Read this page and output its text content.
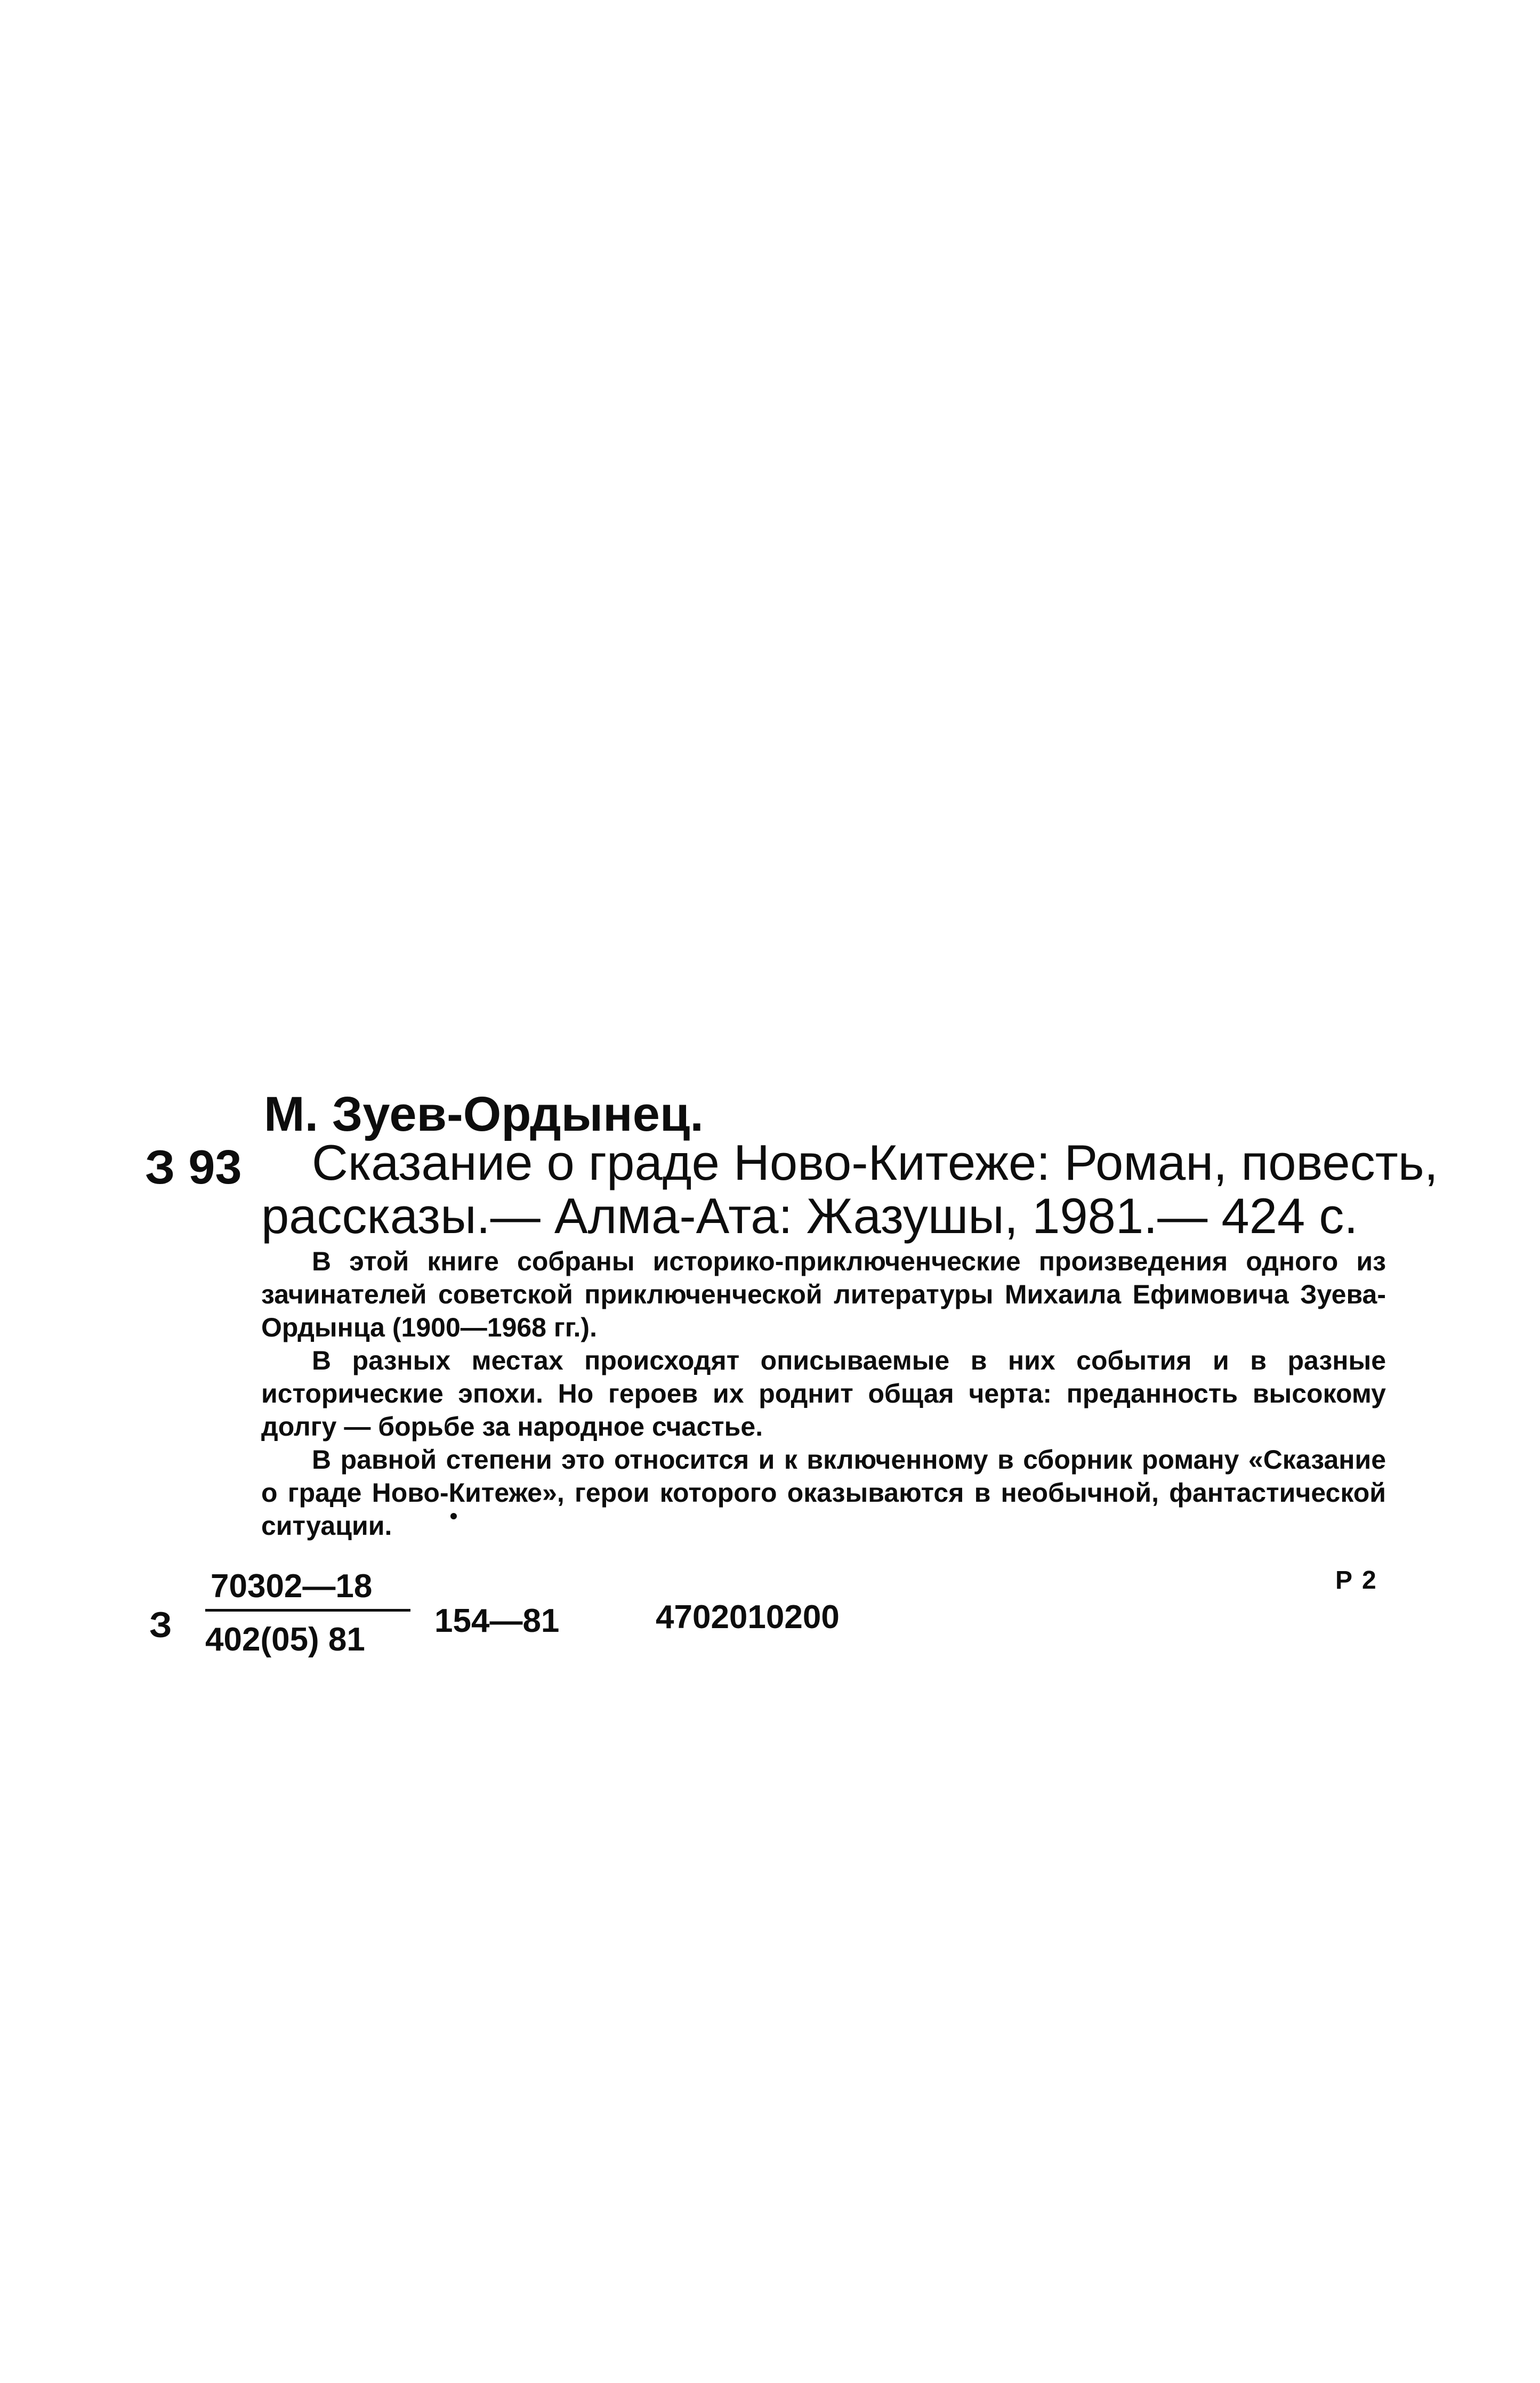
М. Зуев-Ордынец.
З 93 Сказание о граде Ново-Китеже: Роман, повесть,
рассказы.— Алма-Ата: Жазушы, 1981.— 424 с.

В этой книге собраны историко-приключенческие произведения одного из зачинателей советской приключенческой литературы Михаила Ефимовича Зуева-Ордынца (1900—1968 гг.).

В разных местах происходят описываемые в них события и в разные исторические эпохи. Но героев их роднит общая черта: преданность высокому долгу — борьбе за народное счастье.

В равной степени это относится и к включенному в сборник роману «Сказание о граде Ново-Китеже», герои которого оказываются в необычной, фантастической ситуации.

Р2
З
70302—18
402(05) 81
154—81	4702010200
